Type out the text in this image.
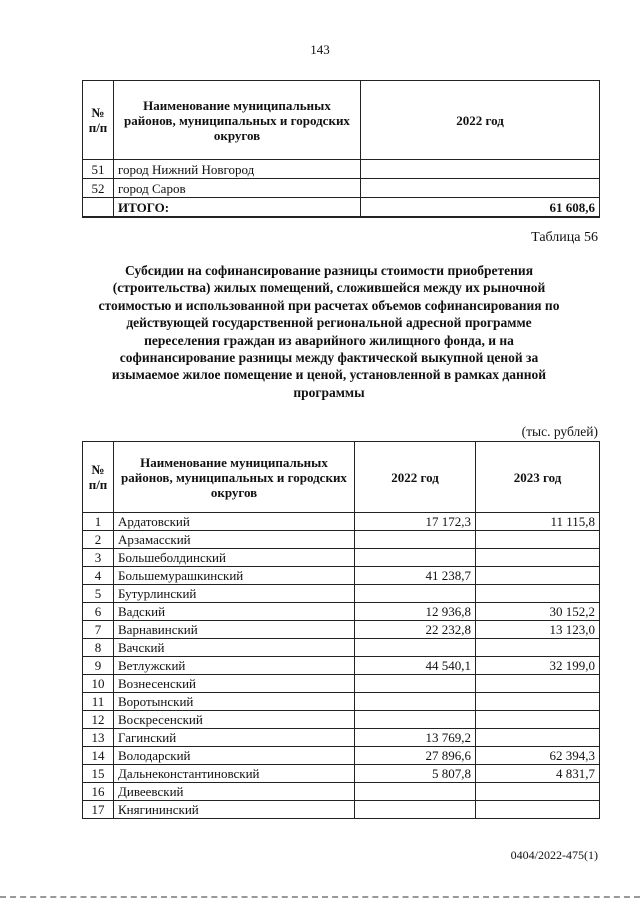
143
№ п/п	Наименование муниципальных районов, муниципальных и городских округов	2022 год
51	город Нижний Новгород	
52	город Саров	
	ИТОГО:	61 608,6
Таблица 56
Субсидии на софинансирование разницы стоимости приобретения (строительства) жилых помещений, сложившейся между их рыночной стоимостью и использованной при расчетах объемов софинансирования по действующей государственной региональной адресной программе переселения граждан из аварийного жилищного фонда, и на софинансирование разницы между фактической выкупной ценой за изымаемое жилое помещение и ценой, установленной в рамках данной программы
(тыс. рублей)
№ п/п	Наименование муниципальных районов, муниципальных и городских округов	2022 год	2023 год
1	Ардатовский	17 172,3	11 115,8
2	Арзамасский		
3	Большеболдинский		
4	Большемурашкинский	41 238,7	
5	Бутурлинский		
6	Вадский	12 936,8	30 152,2
7	Варнавинский	22 232,8	13 123,0
8	Вачский		
9	Ветлужский	44 540,1	32 199,0
10	Вознесенский		
11	Воротынский		
12	Воскресенский		
13	Гагинский	13 769,2	
14	Володарский	27 896,6	62 394,3
15	Дальнеконстантиновский	5 807,8	4 831,7
16	Дивеевский		
17	Княгининский		
0404/2022-475(1)
